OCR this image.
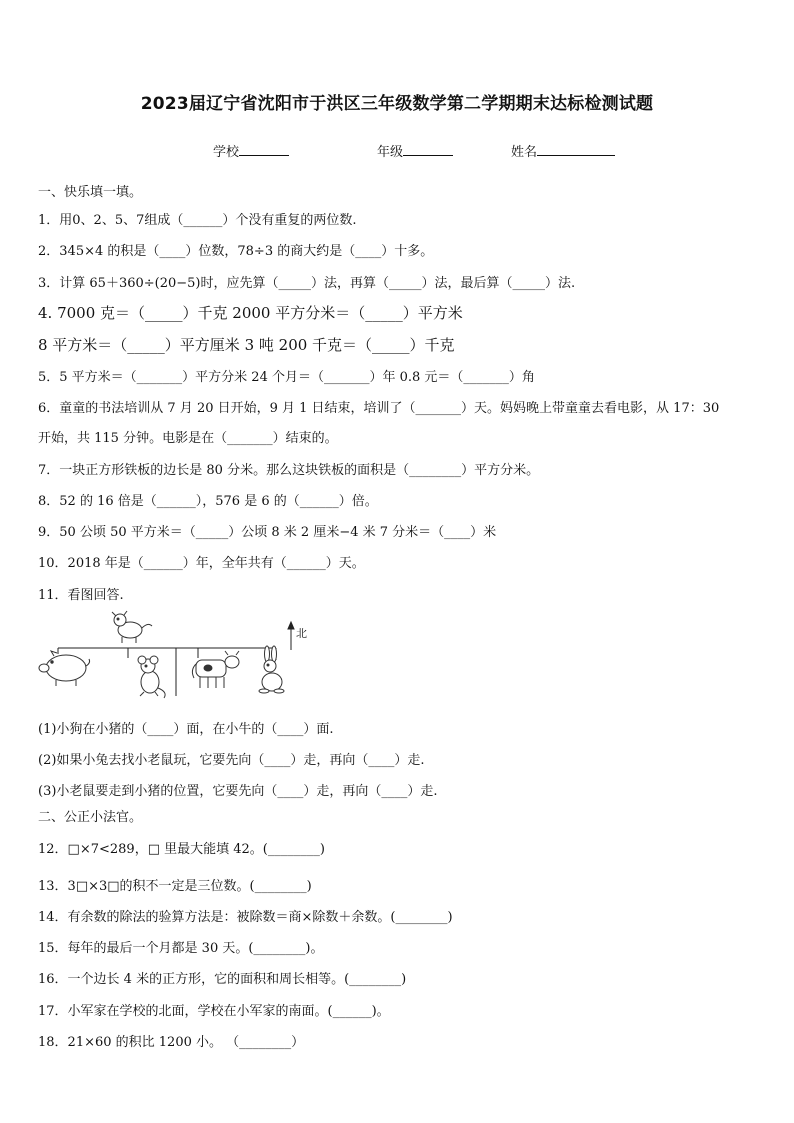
2023届辽宁省沈阳市于洪区三年级数学第二学期期末达标检测试题
学校	年级	姓名
一、快乐填一填。
1．用0、2、5、7组成（______）个没有重复的两位数.
2．345×4 的积是（____）位数，78÷3 的商大约是（____）十多。
3．计算 65＋360÷(20−5)时，应先算（_____）法，再算（_____）法，最后算（_____）法.
4. 7000 克＝（_____）千克 2000 平方分米＝（_____）平方米
8 平方米＝（_____）平方厘米 3 吨 200 千克＝（_____）千克
5．5 平方米＝（_______）平方分米 24 个月＝（_______）年 0.8 元＝（_______）角
6．童童的书法培训从 7 月 20 日开始，9 月 1 日结束，培训了（_______）天。妈妈晚上带童童去看电影，从 17：30
开始，共 115 分钟。电影是在（_______）结束的。
7．一块正方形铁板的边长是 80 分米。那么这块铁板的面积是（________）平方分米。
8．52 的 16 倍是（______），576 是 6 的（______）倍。
9．50 公顷 50 平方米＝（_____）公顷 8 米 2 厘米−4 米 7 分米＝（____）米
10．2018 年是（______）年，全年共有（______）天。
11．看图回答.
北
(1)小狗在小猪的（____）面，在小牛的（____）面.
(2)如果小兔去找小老鼠玩，它要先向（____）走，再向（____）走.
(3)小老鼠要走到小猪的位置，它要先向（____）走，再向（____）走.
二、公正小法官。
12．□×7<289，□ 里最大能填 42。(________)
13．3□×3□的积不一定是三位数。(________)
14．有余数的除法的验算方法是：被除数＝商×除数＋余数。(________)
15．每年的最后一个月都是 30 天。(________)。
16．一个边长 4 米的正方形，它的面积和周长相等。(________)
17．小军家在学校的北面，学校在小军家的南面。(______)。
18．21×60 的积比 1200 小。 （________）
